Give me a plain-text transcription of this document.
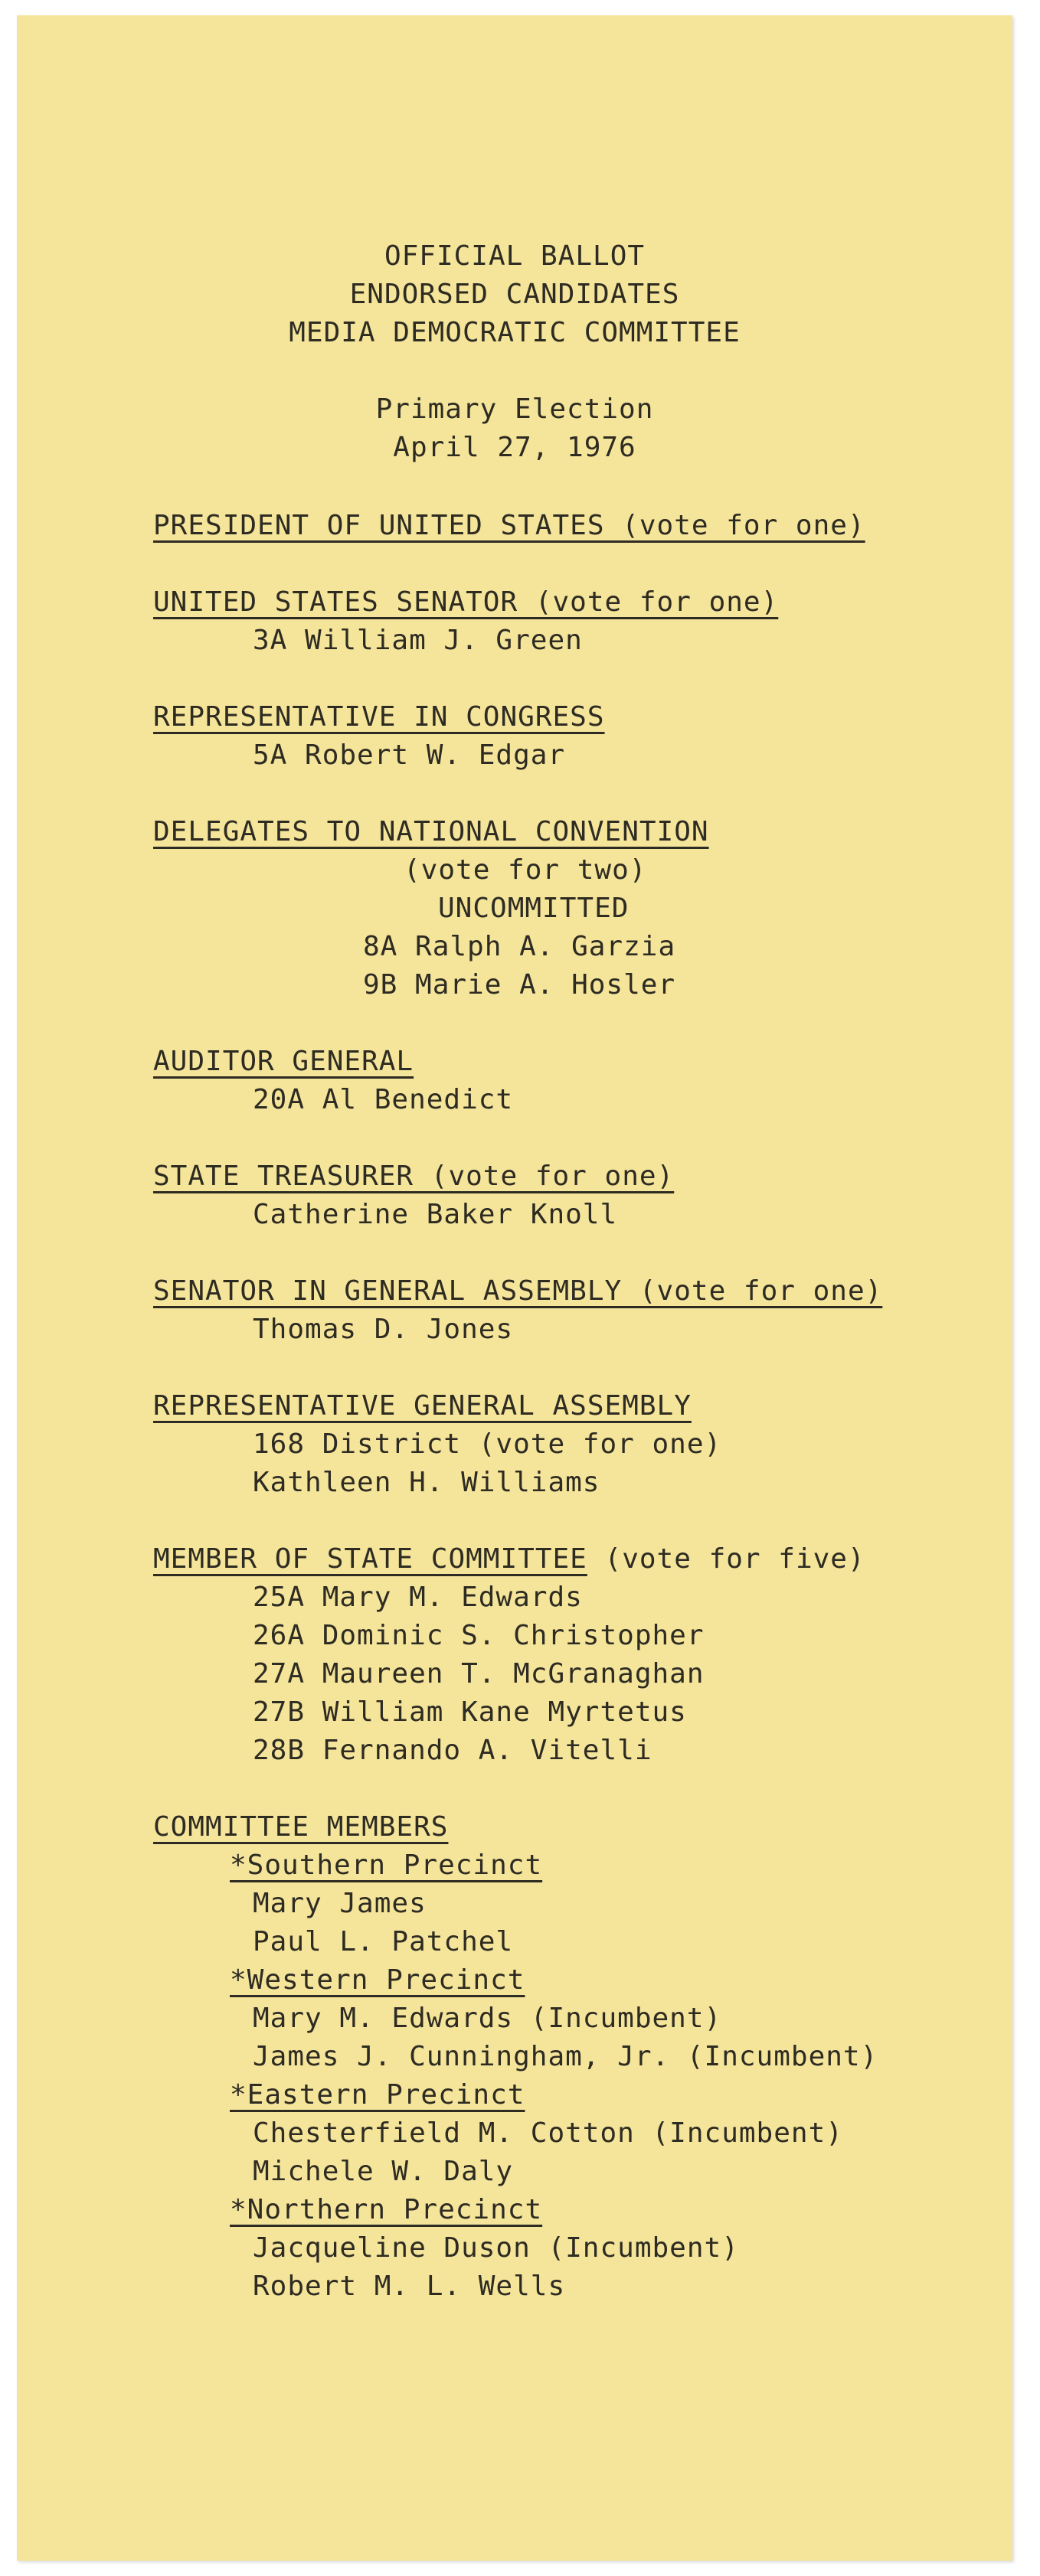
OFFICIAL BALLOT
ENDORSED CANDIDATES
MEDIA DEMOCRATIC COMMITTEE
Primary Election
April 27, 1976
PRESIDENT OF UNITED STATES (vote for one)
UNITED STATES SENATOR (vote for one)
3A William J. Green
REPRESENTATIVE IN CONGRESS
5A Robert W. Edgar
DELEGATES TO NATIONAL CONVENTION
(vote for two)
UNCOMMITTED
8A Ralph A. Garzia
9B Marie A. Hosler
AUDITOR GENERAL
20A Al Benedict
STATE TREASURER (vote for one)
Catherine Baker Knoll
SENATOR IN GENERAL ASSEMBLY (vote for one)
Thomas D. Jones
REPRESENTATIVE GENERAL ASSEMBLY
168 District (vote for one)
Kathleen H. Williams
MEMBER OF STATE COMMITTEE (vote for five)
25A Mary M. Edwards
26A Dominic S. Christopher
27A Maureen T. McGranaghan
27B William Kane Myrtetus
28B Fernando A. Vitelli
COMMITTEE MEMBERS
*Southern Precinct
Mary James
Paul L. Patchel
*Western Precinct
Mary M. Edwards (Incumbent)
James J. Cunningham, Jr. (Incumbent)
*Eastern Precinct
Chesterfield M. Cotton (Incumbent)
Michele W. Daly
*Northern Precinct
Jacqueline Duson (Incumbent)
Robert M. L. Wells
